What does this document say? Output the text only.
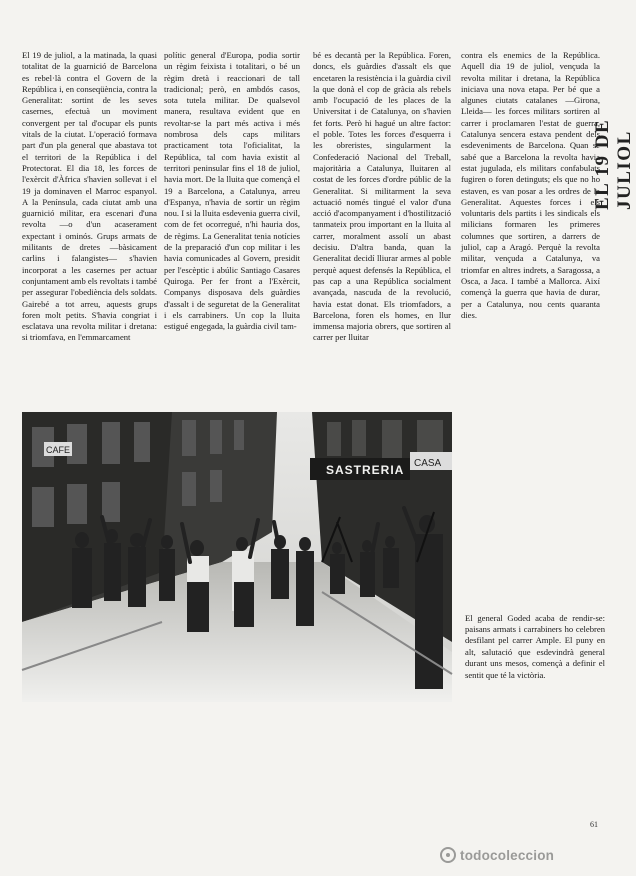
El 19 de juliol, a la matinada, la quasi totalitat de la guarnició de Barcelona es rebel·là contra el Govern de la República i, en conseqüència, contra la Generalitat: sortint de les seves casernes, efectuà un moviment convergent per tal d'ocupar els punts vitals de la ciutat. L'operació formava part d'un pla general que abastava tot el territori de la República i del Protectorat. El dia 18, les forces de l'exèrcit d'Àfrica s'havien sollevat i el 19 ja dominaven el Marroc espanyol. A la Península, cada ciutat amb una guarnició militar, era escenari d'una revolta —o d'un acaserament expectant i ominós. Grups armats de militants de dretes —bàsicament carlins i falangistes— s'havien incorporat a les casernes per actuar conjuntament amb els revoltats i també per assegurar l'obediència dels soldats. Gairebé a tot arreu, aquests grups foren molt petits. S'havia congriat i esclatava una revolta militar i dretana: si triomfava, en l'emmarcament

polític general d'Europa, podia sortir un règim feixista i totalitari, o bé un règim dretà i reaccionari de tall tradicional; però, en ambdós casos, sota tutela militar. De qualsevol manera, resultava evident que en revoltar-se la part més activa i més nombrosa dels caps militars practicament tota l'oficialitat, la República, tal com havia existit al territori peninsular fins el 18 de juliol, havia mort. De la lluita que començà el 19 a Barcelona, a Catalunya, arreu d'Espanya, n'havia de sortir un règim nou. I si la lluita esdevenia guerra civil, com de fet ocorregué, n'hi hauria dos, de règims. La Generalitat tenia notícies de la preparació d'un cop militar i les havia comunicades al Govern, presidit per l'escèptic i abúlic Santiago Casares Quiroga. Per fer front a l'Exèrcit, Companys disposava dels guàrdies d'assalt i de seguretat de la Generalitat i els carrabiners. Un cop la lluita estigué engegada, la guàrdia civil tam-

bé es decantà per la República. Foren, doncs, els guàrdies d'assalt els que encetaren la resistència i la guàrdia civil la que donà el cop de gràcia als rebels amb l'ocupació de les places de la Universitat i de Catalunya, on s'havien fet forts. Però hi hagué un altre factor: el poble. Totes les forces d'esquerra i les obreristes, singularment la Confederació Nacional del Treball, majoritària a Catalunya, lluitaren al costat de les forces d'ordre públic de la Generalitat. Si militarment la seva actuació només tingué el valor d'una acció d'acompanyament i d'hostilització tanmateix prou important en la lluita al carrer, moralment assolí un abast decisiu. D'altra banda, quan la Generalitat decidí lliurar armes al poble perquè aquest defensés la República, el pas cap a una República socialment avançada, nascuda de la revolució, havia estat donat. Els triomfadors, a Barcelona, foren els homes, en llur immensa majoria obrers, que sortiren al carrer per lluitar

contra els enemics de la República. Aquell dia 19 de juliol, vençuda la revolta militar i dretana, la República iniciava una nova etapa. Per bé que a algunes ciutats catalanes —Girona, Lleida— les forces militars sortiren al carrer i proclamaren l'estat de guerra, Catalunya sencera estava pendent dels esdeveniments de Barcelona. Quan se sabé que a Barcelona la revolta havia estat jugulada, els militars confabulats fugiren o foren detinguts; els que no ho estaven, es van posar a les ordres de la Generalitat. Aquestes forces i els voluntaris dels partits i les sindicals els milicians formaren les primeres columnes que sortiren, a darrers de juliol, cap a Aragó. Perquè la revolta militar, vençuda a Catalunya, va triomfar en altres indrets, a Saragossa, a Osca, a Jaca. I també a Mallorca. Així començà la guerra que havia de durar, per a Catalunya, nou cents quaranta dies.

EL 19 DE JULIOL
CAFE
SASTRERIA CASA

El general Goded acaba de rendir-se: paisans armats i carrabiners ho celebren desfilant pel carrer Ample. El puny en alt, salutació que esdevindrà general durant uns mesos, començà a definir el sentit que té la victòria.

61
todocoleccion
